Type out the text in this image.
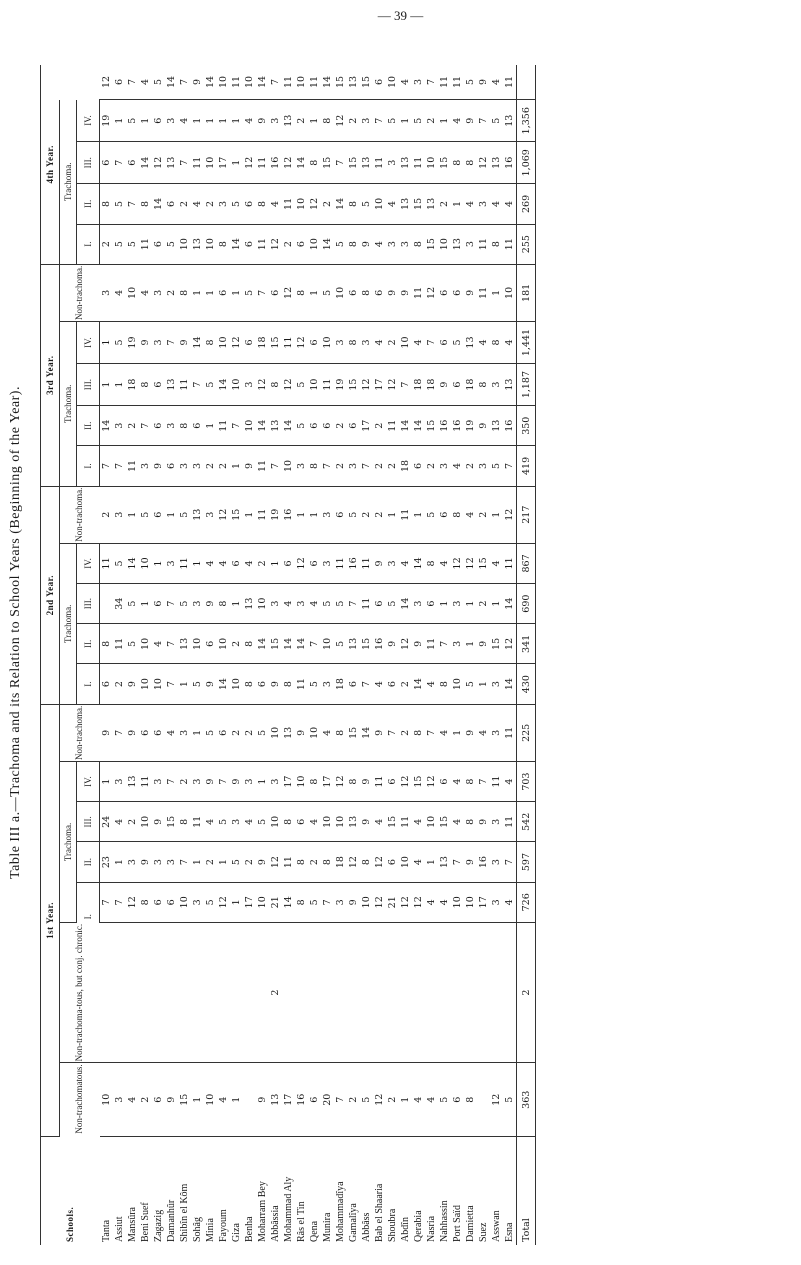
— 39 —
Table III a.—Trachoma and its Relation to School Years (Beginning of the Year).
Schools.	1st Year.							2nd Year.					3rd Year.					4th Year.				
	Non-trachomatous.	Non-trachoma-tous, but conj. chronic.	Trachoma.				Non-trachoma.	Trachoma.				Non-trachoma.	Trachoma.				Non-trachoma.	Trachoma.				
			I.	II.	III.	IV.		I.	II.	III.	IV.		I.	II.	III.	IV.		I.	II.	III.	IV.	
Tanta	10		7	23	24	1	9	6	8		11	2	7	14	1	1	3	2	8	6	19	12
Assiut	3		7	1	4	3	7	2	11	34	5	3	7	3	1	5	4	5	5	7	1	6
Mansûra	4		12	3	2	13	9	9	5	5	14	1	11	2	18	19	10	5	7	6	5	7
Beni Suef	2		8	9	10	11	6	10	10	1	10	5	3	7	8	9	4	11	8	14	1	4
Zagazig	6		6	3	9	3	6	10	4	6	1	6	9	6	6	3	3	6	14	12	6	5
Damanhûr	9		6	3	15	7	4	7	7	7	3	1	6	3	13	7	2	5	6	13	3	14
Shibîn el Kôm	15		10	7	8	2	3	1	13	5	11	5	3	8	11	9	8	10	2	7	4	7
Sohâg	1		3	1	11	3	1	5	10	3	1	13	3	6	7	14	1	13	4	11	1	9
Minia	10		5	2	4	9	5	9	6	9	4	3	2	1	5	8	1	10	2	10	1	14
Fayoum	4		12	1	5	7	6	14	10	8	4	12	2	11	14	10	6	8	3	17	1	10
Giza	1		1	5	3	9	2	10	2	1	6	15	1	7	10	12	1	14	5	1	1	11
Benha			17	2	4	3	2	8	8	13	4	1	9	10	3	6	5	6	6	12	4	10
Moharram Bey	9		10	9	5	1	5	6	14	10	2	11	11	14	12	18	7	11	8	11	9	14
Abbâssia	13	2	21	12	10	3	10	9	15	3	1	19	7	13	8	15	6	12	4	16	3	7
Mohammad Aly	17		14	11	8	17	13	8	14	4	6	16	10	14	12	11	12	2	11	12	13	11
Râs el Tin	16		8	8	6	10	9	11	14	3	12	1	3	5	5	12	8	6	10	14	2	10
Qena	6		5	2	4	8	10	5	7	4	6	1	8	6	10	6	1	10	12	8	1	11
Munira	20		7	8	10	17	4	3	10	5	3	3	7	6	11	10	5	14	2	15	8	14
Mohammadîya	7		3	18	10	12	8	18	5	5	11	6	2	2	19	3	10	5	14	7	12	15
Gamalîya	2		9	12	13	8	15	6	13	7	16	5	3	6	15	8	6	8	8	15	2	13
Abbâss	5		10	8	9	9	14	7	15	11	11	2	7	17	12	3	8	9	5	13	3	15
Bab el Shaaria	12		12	12	4	11	9	4	16	6	9	2	2	2	17	4	6	4	10	11	7	6
Shoubra	2		21	6	15	6	7	6	9	5	3	1	2	11	12	2	9	3	4	3	5	10
Abdîn	1		12	10	11	12	2	2	12	14	4	11	18	14	7	10	9	3	13	13	1	4
Qerabia	4		12	4	4	15	8	14	9	3	14	1	6	14	18	4	11	8	15	11	5	3
Nasria	4		4	1	10	12	7	4	11	6	8	5	2	15	18	7	12	15	13	10	2	7
Nahhassin	5		4	13	15	6	4	8	7	1	4	6	3	16	9	6	6	10	2	15	1	11
Port Saïd	6		10	7	4	4	1	10	3	3	12	8	4	16	6	5	6	13	1	8	4	11
Damietta	8		10	9	8	8	9	5	1	1	12	4	2	19	18	13	9	3	4	8	9	5
Suez			17	16	9	7	4	1	9	2	15	2	3	9	8	4	11	11	3	12	7	9
Asswan	12		3	3	3	11	3	3	15	1	4	1	5	13	3	8	1	8	4	13	5	4
Esna	5		4	7	11	4	11	14	12	14	11	12	7	16	13	4	10	11	4	16	13	11
Total	363	2	726	597	542	703	225	430	341	690	867	217	419	350	1,187	1,441	181	255	269	1,069	1,356	
